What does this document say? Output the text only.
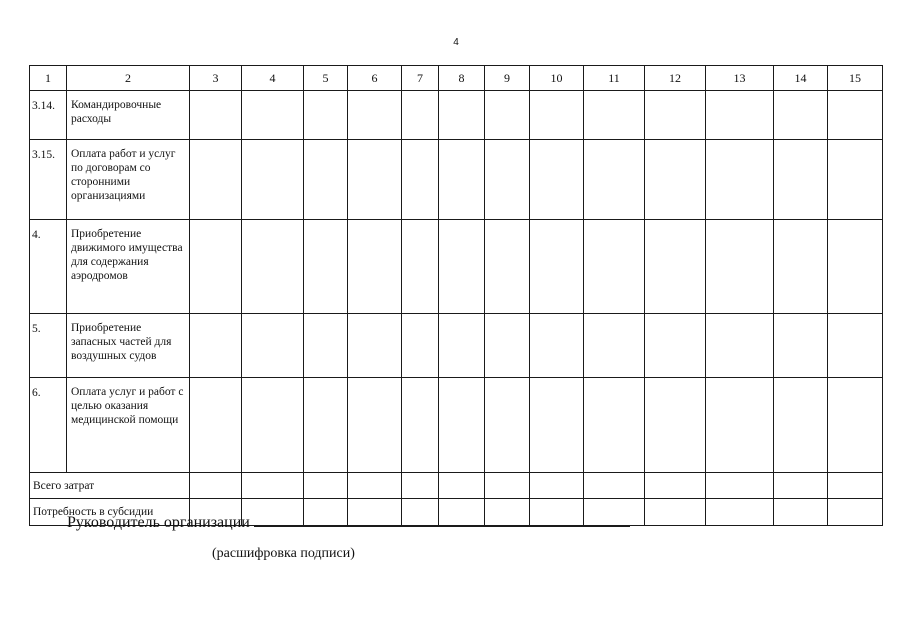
4
1	2	3	4	5	6	7	8	9	10	11	12	13	14	15
3.14.	Командировочные расходы													
3.15.	Оплата работ и услуг по договорам со сторонними организациями													
4.	Приобретение движимого имущества для содержания аэродромов													
5.	Приобретение запасных частей для воздушных судов													
6.	Оплата услуг и работ с целью оказания медицинской помощи													
Всего затрат														
Потребность в субсидии														
Руководитель организации
(расшифровка подписи)
